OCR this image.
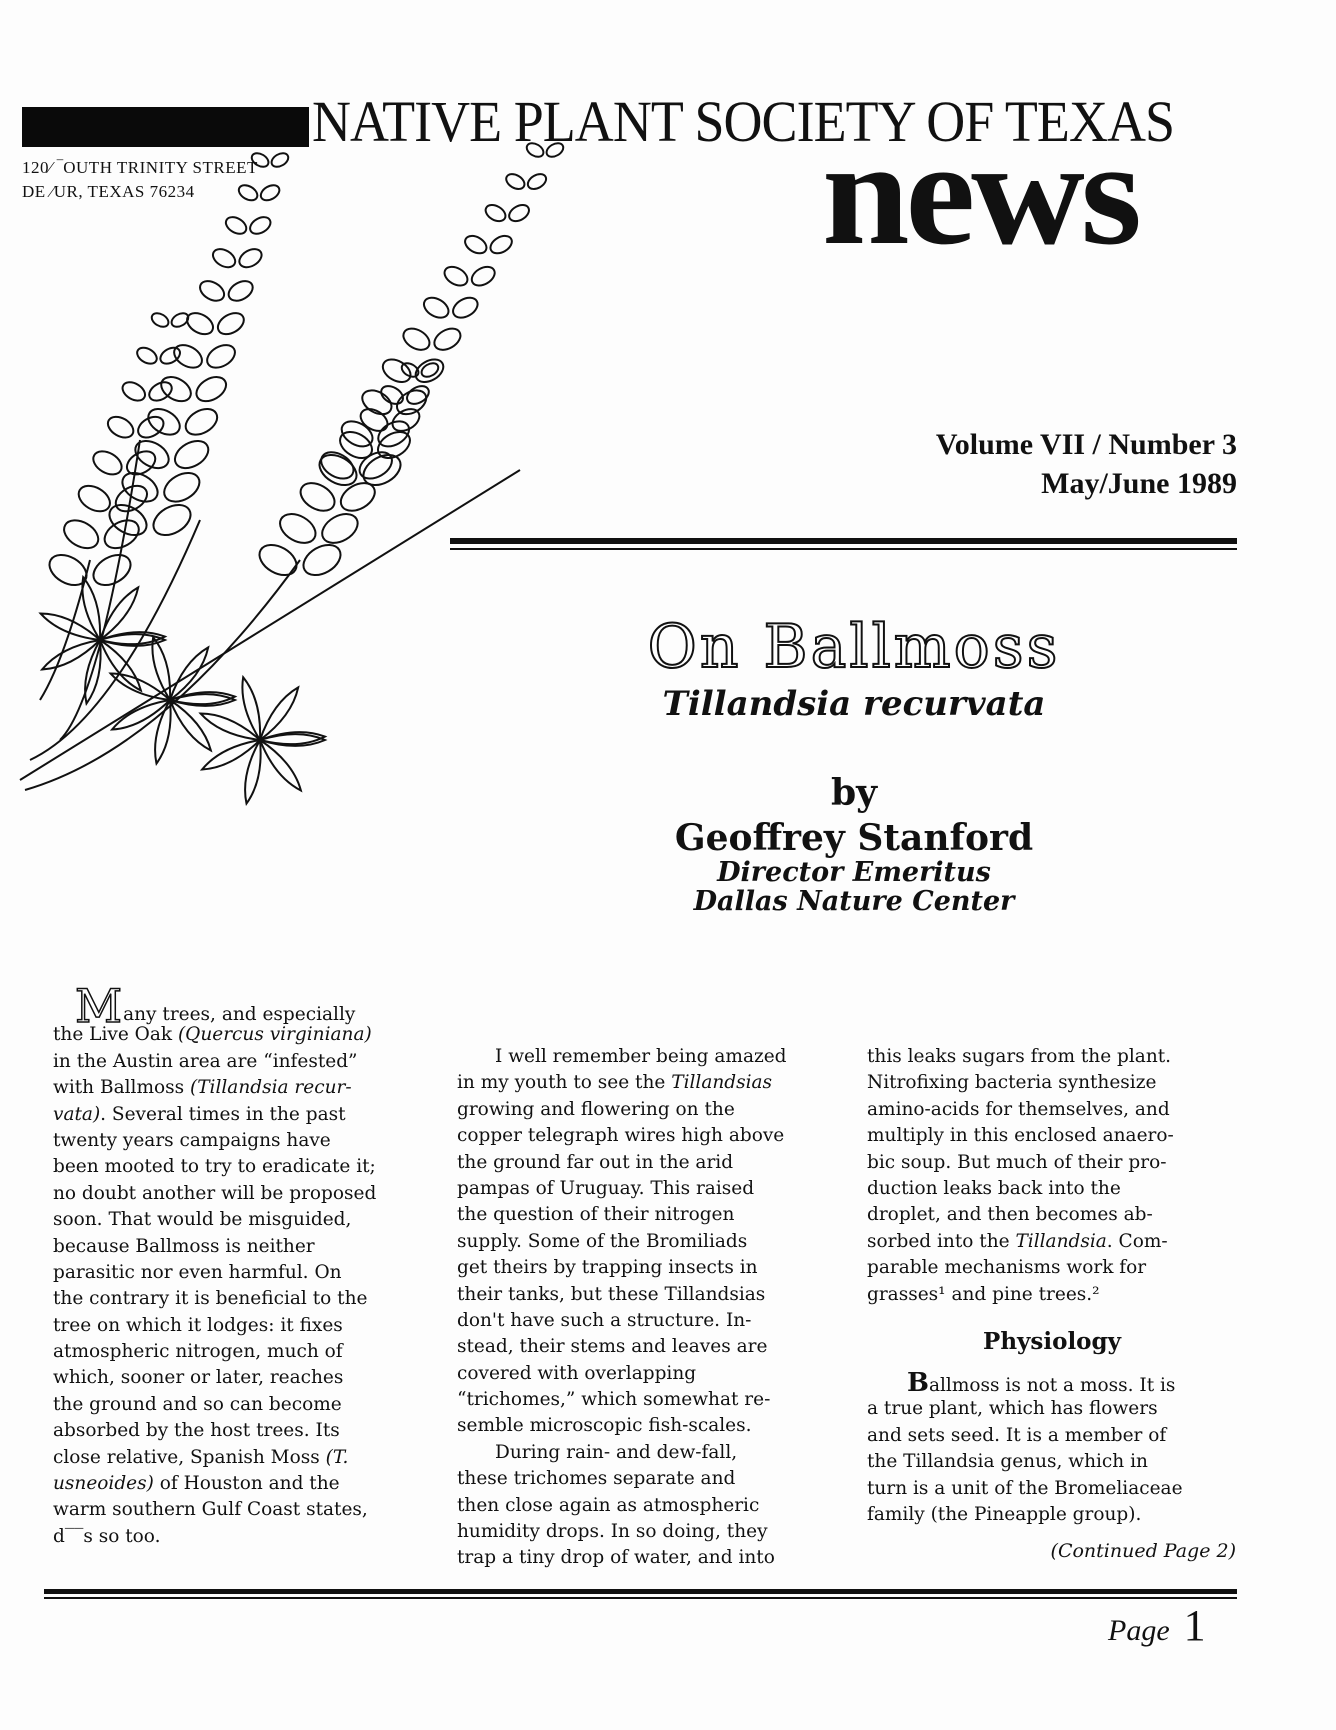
NATIVE PLANT SOCIETY OF TEXAS
120⁄ ‾OUTH TRINITY STREET
DE ⁄UR, TEXAS 76234	news
Volume VII / Number 3
May/June 1989
On Ballmoss
Tillandsia recurvata
by
Geoffrey Stanford
Director Emeritus
Dallas Nature Center
Many trees, and especially
the Live Oak (Quercus virginiana)
in the Austin area are “infested”
with Ballmoss (Tillandsia recur-
vata). Several times in the past
twenty years campaigns have
been mooted to try to eradicate it;
no doubt another will be proposed
soon. That would be misguided,
because Ballmoss is neither
parasitic nor even harmful. On
the contrary it is beneficial to the
tree on which it lodges: it fixes
atmospheric nitrogen, much of
which, sooner or later, reaches
the ground and so can become
absorbed by the host trees. Its
close relative, Spanish Moss (T.
usneoides) of Houston and the
warm southern Gulf Coast states,
d‾‾s so too.
I well remember being amazed
in my youth to see the Tillandsias
growing and flowering on the
copper telegraph wires high above
the ground far out in the arid
pampas of Uruguay. This raised
the question of their nitrogen
supply. Some of the Bromiliads
get theirs by trapping insects in
their tanks, but these Tillandsias
don't have such a structure. In-
stead, their stems and leaves are
covered with overlapping
“trichomes,” which somewhat re-
semble microscopic fish-scales.
During rain- and dew-fall,
these trichomes separate and
then close again as atmospheric
humidity drops. In so doing, they
trap a tiny drop of water, and into
this leaks sugars from the plant.
Nitrofixing bacteria synthesize
amino-acids for themselves, and
multiply in this enclosed anaero-
bic soup. But much of their pro-
duction leaks back into the
droplet, and then becomes ab-
sorbed into the Tillandsia. Com-
parable mechanisms work for
grasses¹ and pine trees.²
Physiology
Ballmoss is not a moss. It is
a true plant, which has flowers
and sets seed. It is a member of
the Tillandsia genus, which in
turn is a unit of the Bromeliaceae
family (the Pineapple group).
(Continued Page 2)
Page 1
